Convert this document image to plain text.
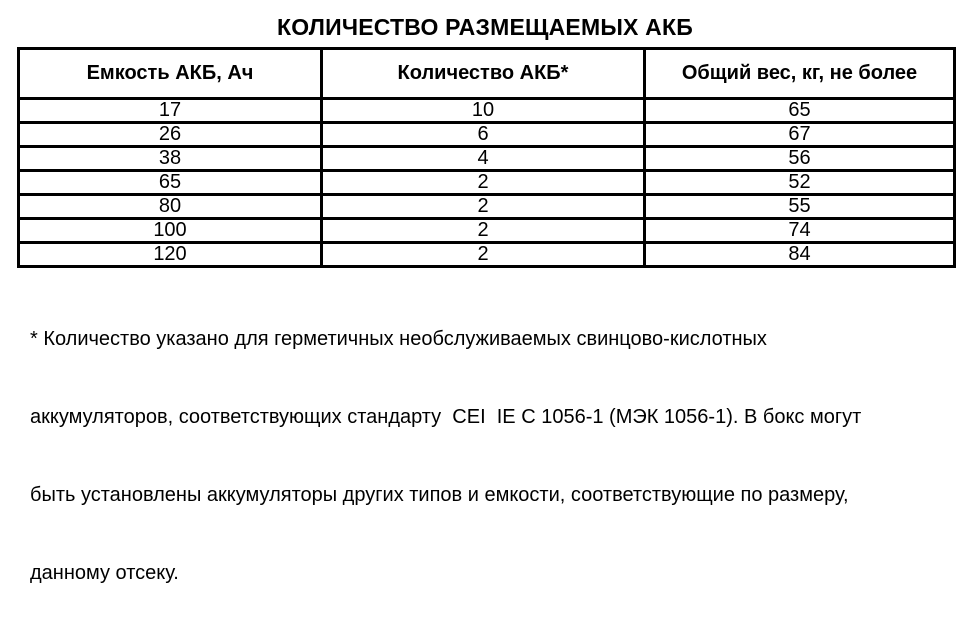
КОЛИЧЕСТВО РАЗМЕЩАЕМЫХ АКБ
Емкость АКБ, Ач	Количество АКБ*	Общий вес, кг, не более
17	10	65
26	6	67
38	4	56
65	2	52
80	2	55
100	2	74
120	2	84

* Количество указано для герметичных необслуживаемых свинцово-кислотных

аккумуляторов, соответствующих стандарту  CEI  IE C 1056-1 (МЭК 1056-1). В бокс могут

быть установлены аккумуляторы других типов и емкости, соответствующие по размеру,

данному отсеку.
